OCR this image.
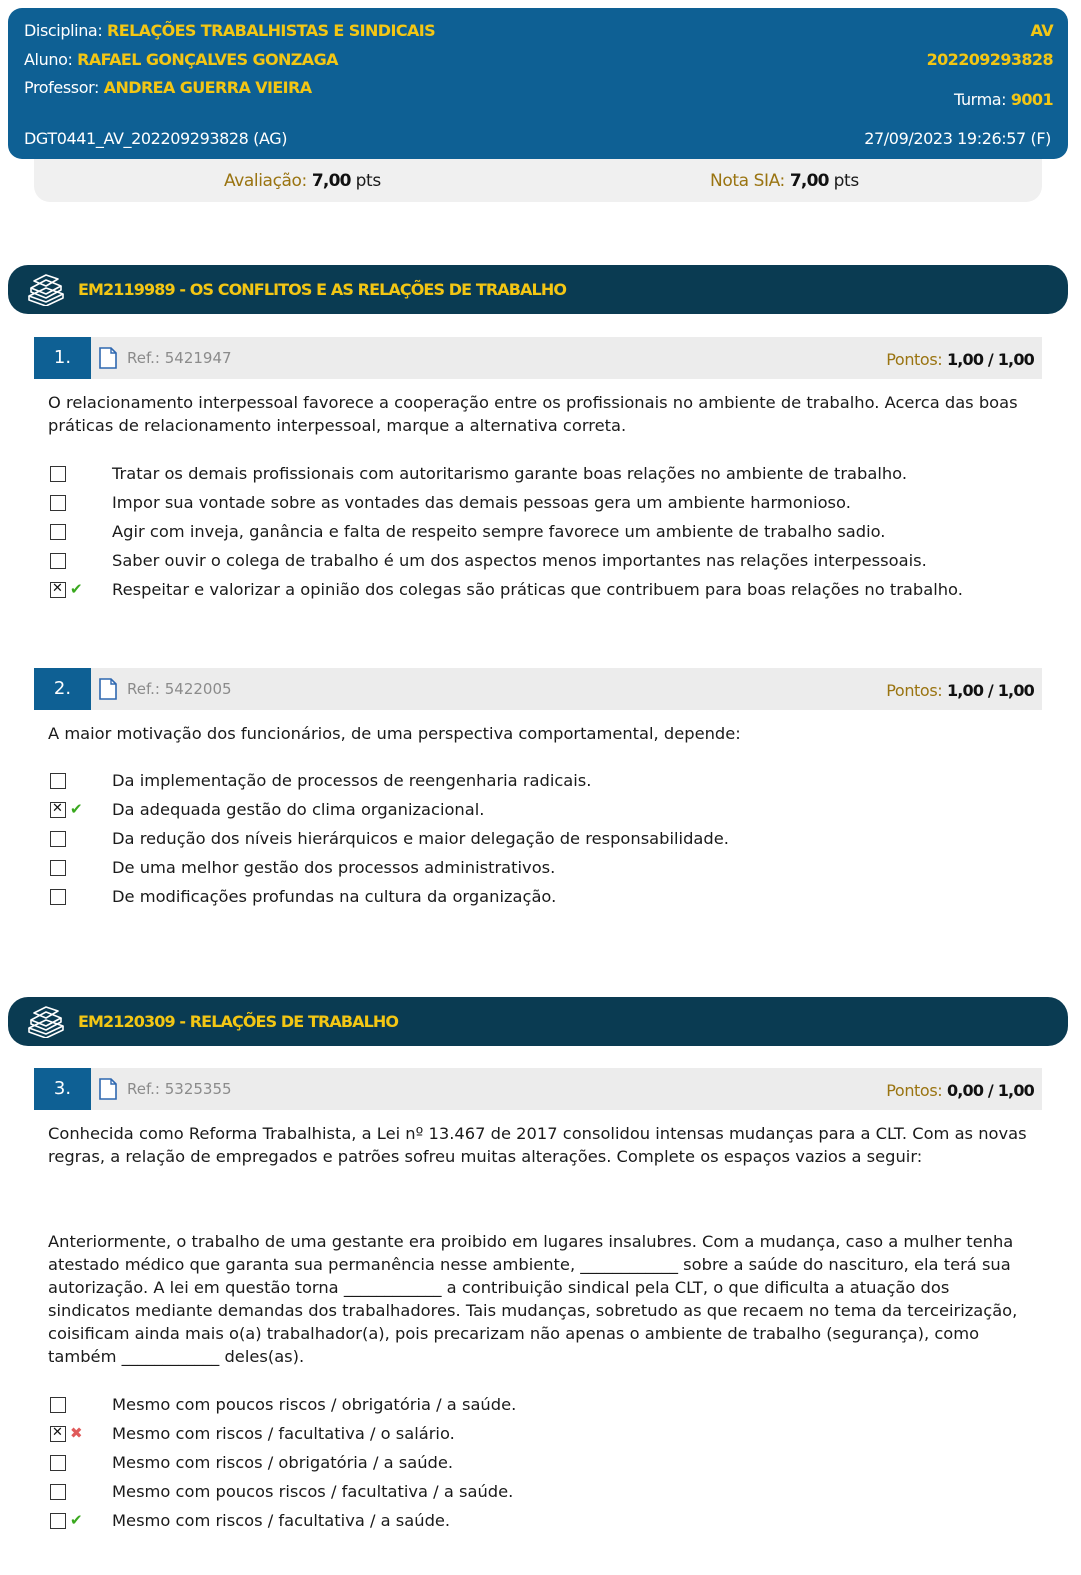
Disciplina: RELAÇÕES TRABALHISTAS E SINDICAIS
Aluno: RAFAEL GONÇALVES GONZAGA
Professor: ANDREA GUERRA VIEIRA
AV
202209293828
Turma: 9001
DGT0441_AV_202209293828 (AG)	27/09/2023 19:26:57 (F)
Avaliação: 7,00 pts	Nota SIA: 7,00 pts
EM2119989 - OS CONFLITOS E AS RELAÇÕES DE TRABALHO
1.	Ref.: 5421947	Pontos: 1,00 / 1,00
O relacionamento interpessoal favorece a cooperação entre os profissionais no ambiente de trabalho. Acerca das boas práticas de relacionamento interpessoal, marque a alternativa correta.
Tratar os demais profissionais com autoritarismo garante boas relações no ambiente de trabalho.
Impor sua vontade sobre as vontades das demais pessoas gera um ambiente harmonioso.
Agir com inveja, ganância e falta de respeito sempre favorece um ambiente de trabalho sadio.
Saber ouvir o colega de trabalho é um dos aspectos menos importantes nas relações interpessoais.
✕
✔ Respeitar e valorizar a opinião dos colegas são práticas que contribuem para boas relações no trabalho.
2.	Ref.: 5422005	Pontos: 1,00 / 1,00
A maior motivação dos funcionários, de uma perspectiva comportamental, depende:
Da implementação de processos de reengenharia radicais.
✕
✔ Da adequada gestão do clima organizacional.
Da redução dos níveis hierárquicos e maior delegação de responsabilidade.
De uma melhor gestão dos processos administrativos.
De modificações profundas na cultura da organização.
EM2120309 - RELAÇÕES DE TRABALHO
3.	Ref.: 5325355	Pontos: 0,00 / 1,00
Conhecida como Reforma Trabalhista, a Lei nº 13.467 de 2017 consolidou intensas mudanças para a CLT. Com as novas regras, a relação de empregados e patrões sofreu muitas alterações. Complete os espaços vazios a seguir:
Anteriormente, o trabalho de uma gestante era proibido em lugares insalubres. Com a mudança, caso a mulher tenha atestado médico que garanta sua permanência nesse ambiente, ____________ sobre a saúde do nascituro, ela terá sua autorização. A lei em questão torna ____________ a contribuição sindical pela CLT, o que dificulta a atuação dos sindicatos mediante demandas dos trabalhadores. Tais mudanças, sobretudo as que recaem no tema da terceirização, coisificam ainda mais o(a) trabalhador(a), pois precarizam não apenas o ambiente de trabalho (segurança), como também ____________ deles(as).
Mesmo com poucos riscos / obrigatória / a saúde.
✕
✖ Mesmo com riscos / facultativa / o salário.
Mesmo com riscos / obrigatória / a saúde.
Mesmo com poucos riscos / facultativa / a saúde.
✔ Mesmo com riscos / facultativa / a saúde.
